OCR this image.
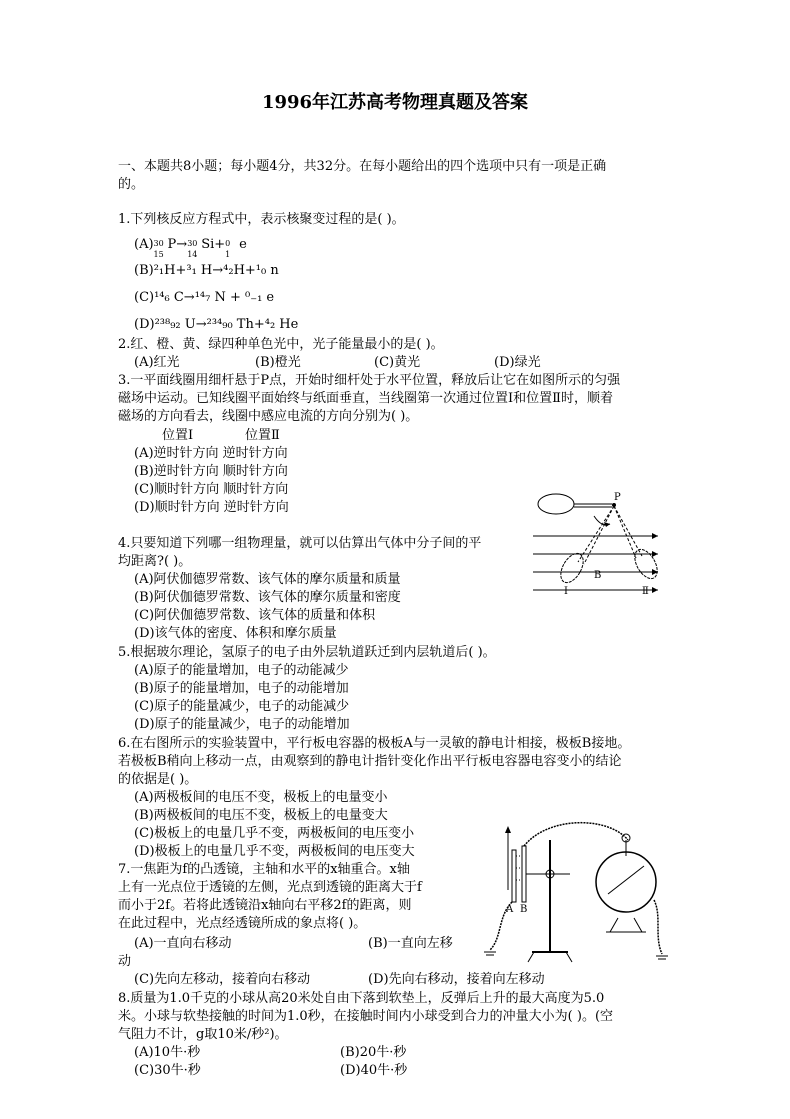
1996年江苏高考物理真题及答案
一、本题共8小题；每小题4分，共32分。在每小题给出的四个选项中只有一项是正确
的。
1.下列核反应方程式中，表示核聚变过程的是( )。
(A) 30
15
P→ 30
14
Si+ 0
1
e
(B)²₁H+³₁ H→⁴₂H+¹₀ n
(C)¹⁴₆ C→¹⁴₇ N + ⁰₋₁ e
(D)²³⁸₉₂ U→²³⁴₉₀ Th+⁴₂ He
2.红、橙、黄、绿四种单色光中，光子能量最小的是( )。
(A)红光	(B)橙光	(C)黄光	(D)绿光
3.一平面线圈用细杆悬于P点，开始时细杆处于水平位置，释放后让它在如图所示的匀强
磁场中运动。已知线圈平面始终与纸面垂直，当线圈第一次通过位置Ⅰ和位置Ⅱ时，顺着
磁场的方向看去，线圈中感应电流的方向分别为( )。
位置Ⅰ	位置Ⅱ
(A)逆时针方向 逆时针方向
(B)逆时针方向 顺时针方向
(C)顺时针方向 顺时针方向
(D)顺时针方向 逆时针方向
P
B
I	Ⅱ
4.只要知道下列哪一组物理量，就可以估算出气体中分子间的平
均距离?( )。
(A)阿伏伽德罗常数、该气体的摩尔质量和质量
(B)阿伏伽德罗常数、该气体的摩尔质量和密度
(C)阿伏伽德罗常数、该气体的质量和体积
(D)该气体的密度、体积和摩尔质量
5.根据玻尔理论，氢原子的电子由外层轨道跃迁到内层轨道后( )。
(A)原子的能量增加，电子的动能减少
(B)原子的能量增加，电子的动能增加
(C)原子的能量减少，电子的动能减少
(D)原子的能量减少，电子的动能增加
6.在右图所示的实验装置中，平行板电容器的极板A与一灵敏的静电计相接，极板B接地。
若极板B稍向上移动一点，由观察到的静电计指针变化作出平行板电容器电容变小的结论
的依据是( )。
(A)两极板间的电压不变，极板上的电量变小
(B)两极板间的电压不变，极板上的电量变大
(C)极板上的电量几乎不变，两极板间的电压变小
(D)极板上的电量几乎不变，两极板间的电压变大
A B
7.一焦距为f的凸透镜，主轴和水平的x轴重合。x轴
上有一光点位于透镜的左侧，光点到透镜的距离大于f
而小于2f。若将此透镜沿x轴向右平移2f的距离，则
在此过程中，光点经透镜所成的象点将( )。
(A)一直向右移动	(B)一直向左移
动
(C)先向左移动，接着向右移动	(D)先向右移动，接着向左移动
8.质量为1.0千克的小球从高20米处自由下落到软垫上，反弹后上升的最大高度为5.0
米。小球与软垫接触的时间为1.0秒，在接触时间内小球受到合力的冲量大小为( )。(空
气阻力不计，g取10米/秒²)。
(A)10牛·秒	(B)20牛·秒
(C)30牛·秒	(D)40牛·秒
